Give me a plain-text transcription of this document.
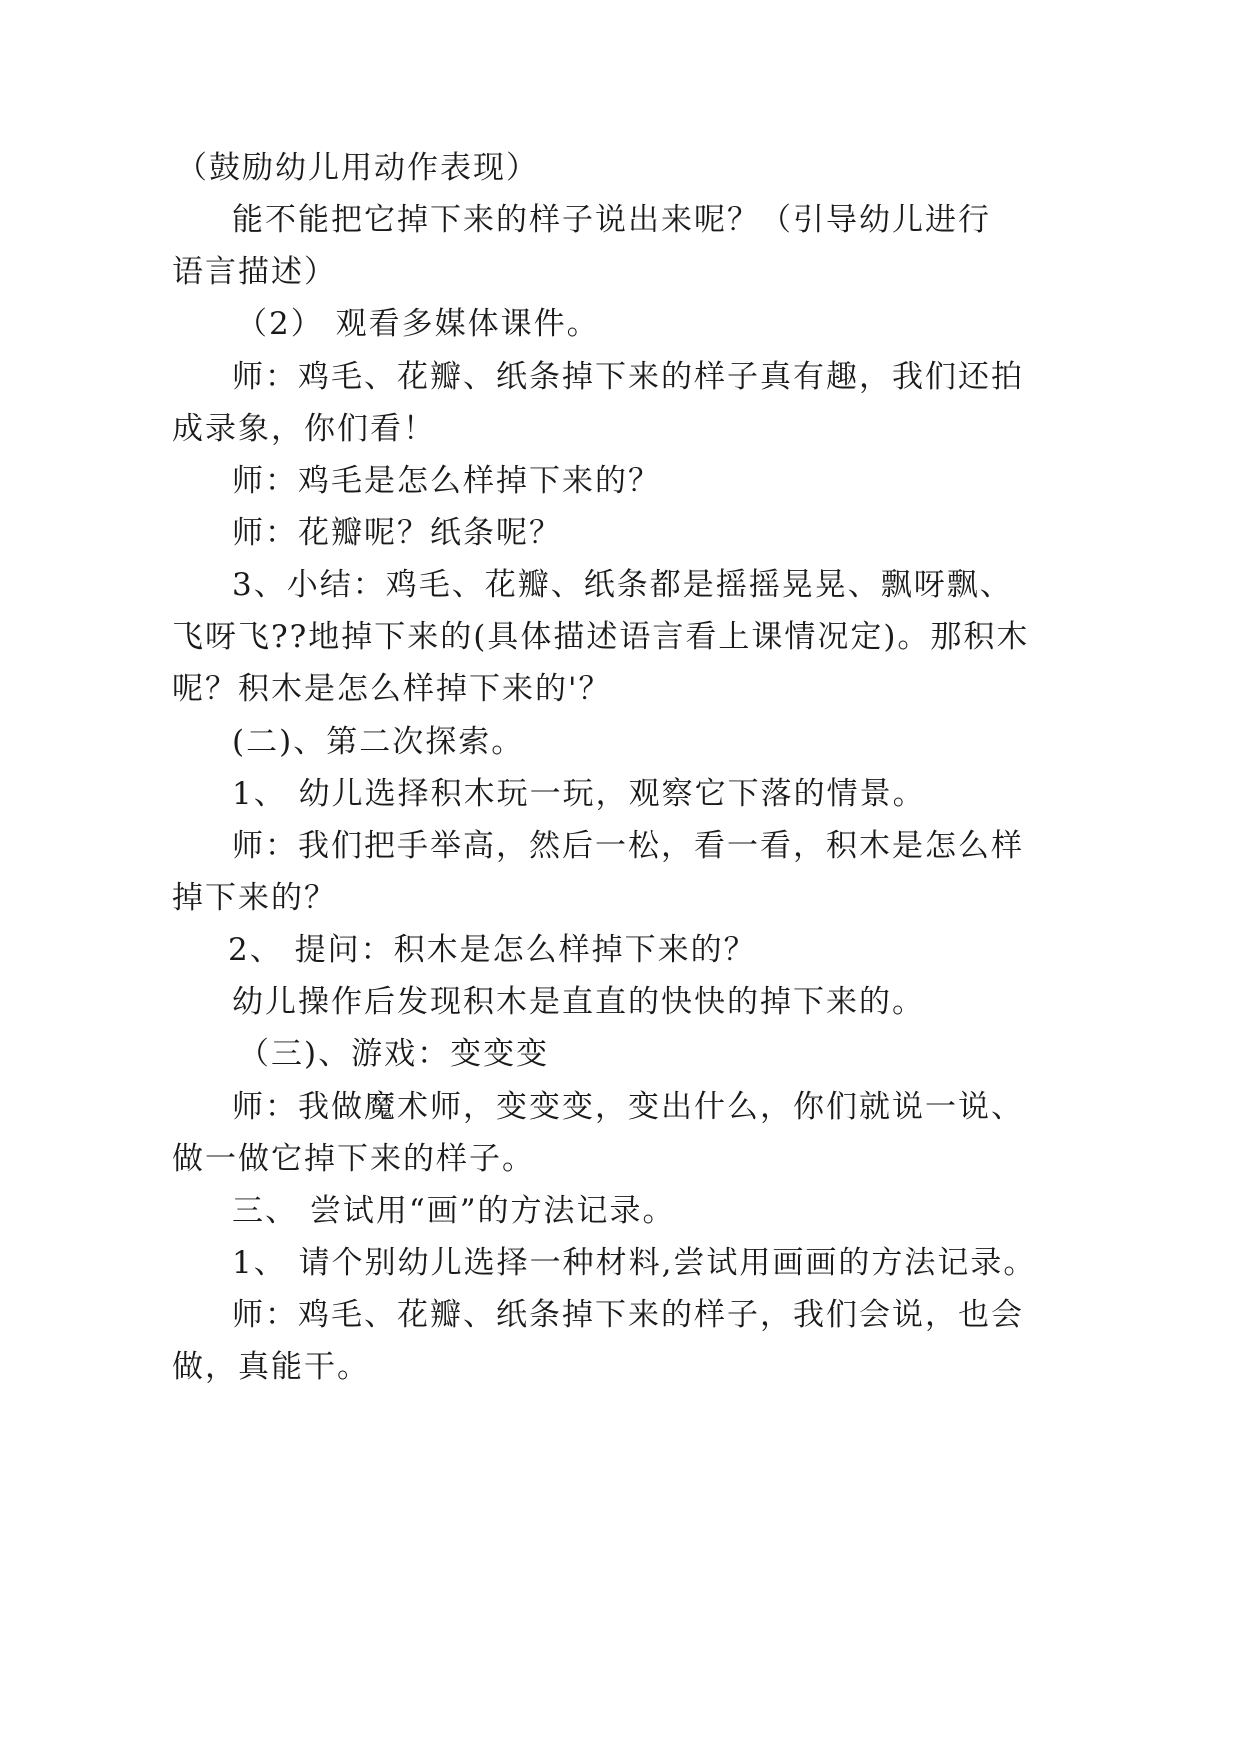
（鼓励幼儿用动作表现）
能不能把它掉下来的样子说出来呢？（引导幼儿进行
语言描述）
（2） 观看多媒体课件。
师：鸡毛、花瓣、纸条掉下来的样子真有趣，我们还拍
成录象，你们看！
师：鸡毛是怎么样掉下来的？
师：花瓣呢？纸条呢？
3、小结：鸡毛、花瓣、纸条都是摇摇晃晃、飘呀飘、
飞呀飞??地掉下来的(具体描述语言看上课情况定)。那积木
呢？积木是怎么样掉下来的'？
(二)、第二次探索。
1、 幼儿选择积木玩一玩，观察它下落的情景。
师：我们把手举高，然后一松，看一看，积木是怎么样
掉下来的？
2、 提问：积木是怎么样掉下来的？
幼儿操作后发现积木是直直的快快的掉下来的。
（三)、游戏：变变变
师：我做魔术师，变变变，变出什么，你们就说一说、
做一做它掉下来的样子。
三、 尝试用“画”的方法记录。
1、 请个别幼儿选择一种材料,尝试用画画的方法记录。
师：鸡毛、花瓣、纸条掉下来的样子，我们会说，也会
做，真能干。
